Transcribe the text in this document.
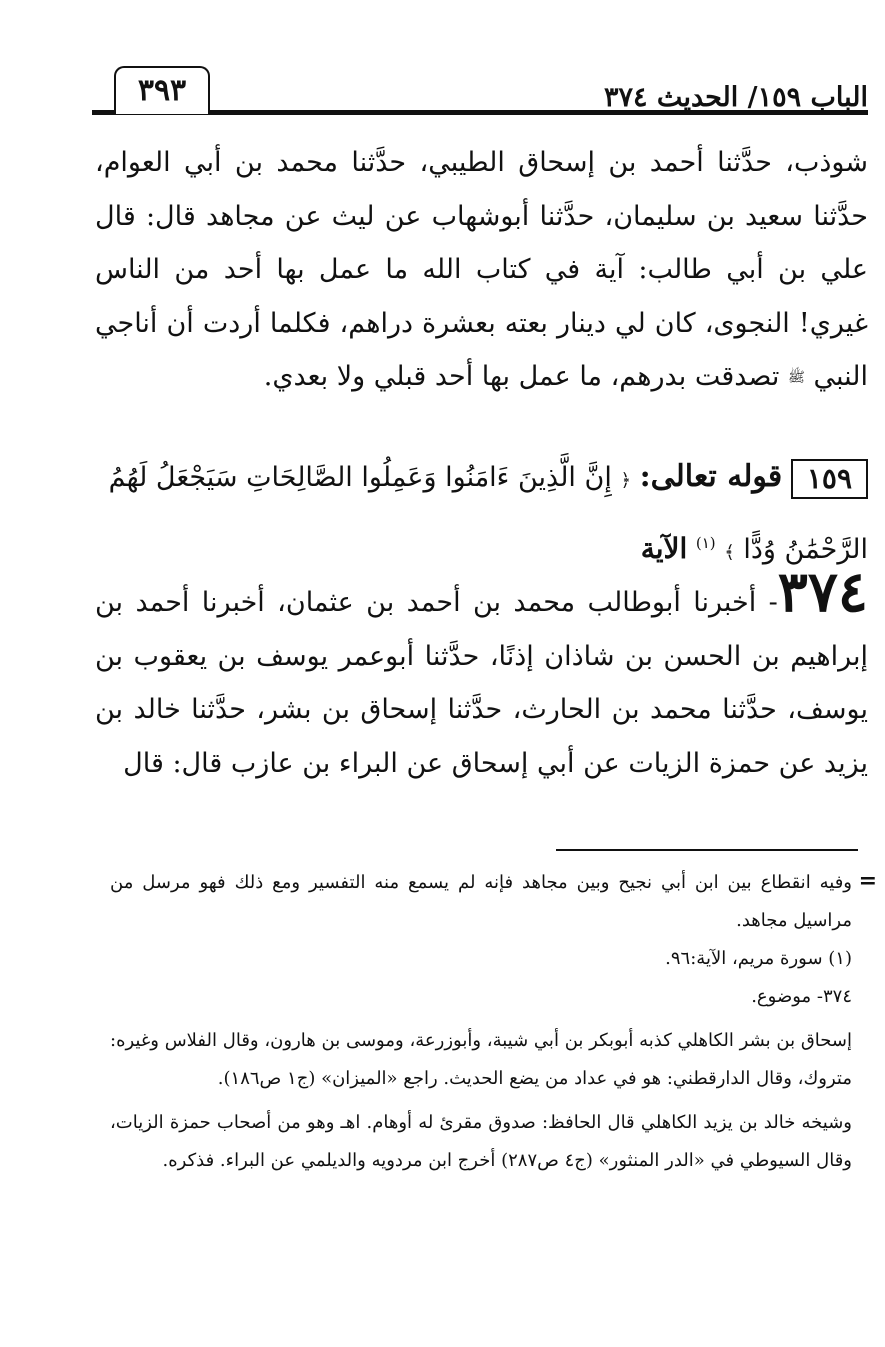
٣٩٣	الباب ١٥٩/ الحديث ٣٧٤
شوذب، حدَّثنا أحمد بن إسحاق الطيبي، حدَّثنا محمد بن أبي العوام، حدَّثنا سعيد بن سليمان، حدَّثنا أبوشهاب عن ليث عن مجاهد قال: قال علي بن أبي طالب: آية في كتاب الله ما عمل بها أحد من الناس غيري! النجوى، كان لي دينار بعته بعشرة دراهم، فكلما أردت أن أناجي النبي ﷺ تصدقت بدرهم، ما عمل بها أحد قبلي ولا بعدي.
١٥٩ قوله تعالى: ﴿ إِنَّ الَّذِينَ ءَامَنُوا وَعَمِلُوا الصَّالِحَاتِ سَيَجْعَلُ لَهُمُ الرَّحْمَٰنُ وُدًّا ﴾ $^{(١)}$ الآية
٣٧٤- أخبرنا أبوطالب محمد بن أحمد بن عثمان، أخبرنا أحمد بن إبراهيم بن الحسن بن شاذان إذنًا، حدَّثنا أبوعمر يوسف بن يعقوب بن يوسف، حدَّثنا محمد بن الحارث، حدَّثنا إسحاق بن بشر، حدَّثنا خالد بن يزيد عن حمزة الزيات عن أبي إسحاق عن البراء بن عازب قال: قال
=

وفيه انقطاع بين ابن أبي نجيح وبين مجاهد فإنه لم يسمع منه التفسير ومع ذلك فهو مرسل من مراسيل مجاهد.

(١) سورة مريم، الآية:٩٦.

٣٧٤- موضوع.

إسحاق بن بشر الكاهلي كذبه أبوبكر بن أبي شيبة، وأبوزرعة، وموسى بن هارون، وقال الفلاس وغيره: متروك، وقال الدارقطني: هو في عداد من يضع الحديث. راجع «الميزان» (ج١ ص١٨٦).

وشيخه خالد بن يزيد الكاهلي قال الحافظ: صدوق مقرئ له أوهام. اهـ وهو من أصحاب حمزة الزيات، وقال السيوطي في «الدر المنثور» (ج٤ ص٢٨٧) أخرج ابن مردويه والديلمي عن البراء. فذكره.
